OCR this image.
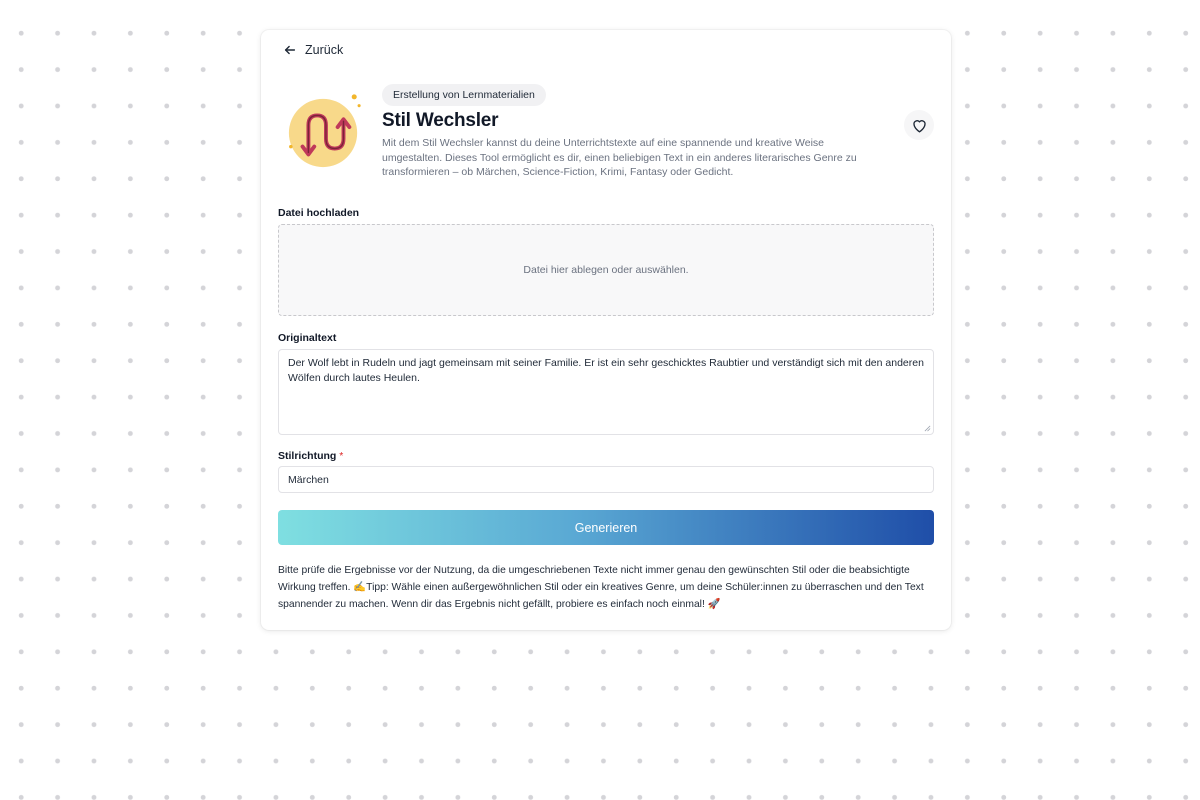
Zurück
Erstellung von Lernmaterialien
Stil Wechsler

Mit dem Stil Wechsler kannst du deine Unterrichtstexte auf eine spannende und kreative Weise umgestalten. Dieses Tool ermöglicht es dir, einen beliebigen Text in ein anderes literarisches Genre zu transformieren – ob Märchen, Science-Fiction, Krimi, Fantasy oder Gedicht.

Datei hochladen
Datei hier ablegen oder auswählen.
Originaltext
Der Wolf lebt in Rudeln und jagt gemeinsam mit seiner Familie. Er ist ein sehr geschicktes Raubtier und verständigt sich mit den anderen Wölfen durch lautes Heulen.
Stilrichtung *
Märchen
Generieren

Bitte prüfe die Ergebnisse vor der Nutzung, da die umgeschriebenen Texte nicht immer genau den gewünschten Stil oder die beabsichtigte Wirkung treffen. ✍️Tipp: Wähle einen außergewöhnlichen Stil oder ein kreatives Genre, um deine Schüler:innen zu überraschen und den Text spannender zu machen. Wenn dir das Ergebnis nicht gefällt, probiere es einfach noch einmal! 🚀
